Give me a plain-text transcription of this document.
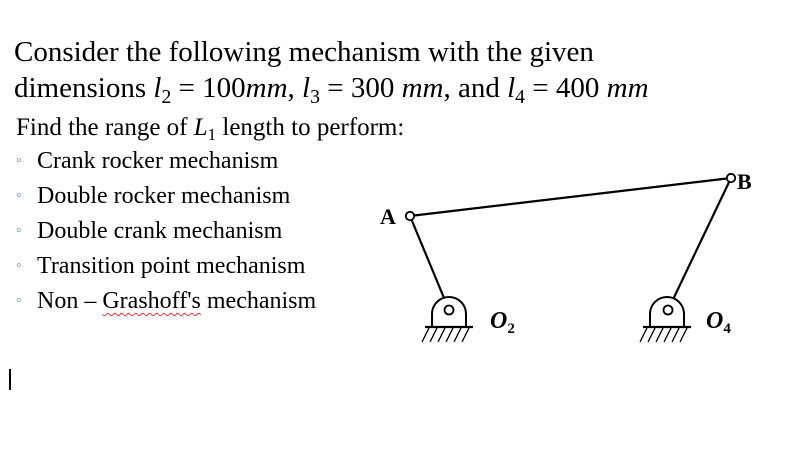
Consider the following mechanism with the given
dimensions $l_2 = 100mm$, $l_3 = 300$ mm, and $l_4 = 400$ mm
Find the range of $L_1$ length to perform:
◦ Crank rocker mechanism
◦ Double rocker mechanism
◦ Double crank mechanism
◦ Transition point mechanism
◦ Non – Grashoff's mechanism
A
B
$O_2$	$O_4$
